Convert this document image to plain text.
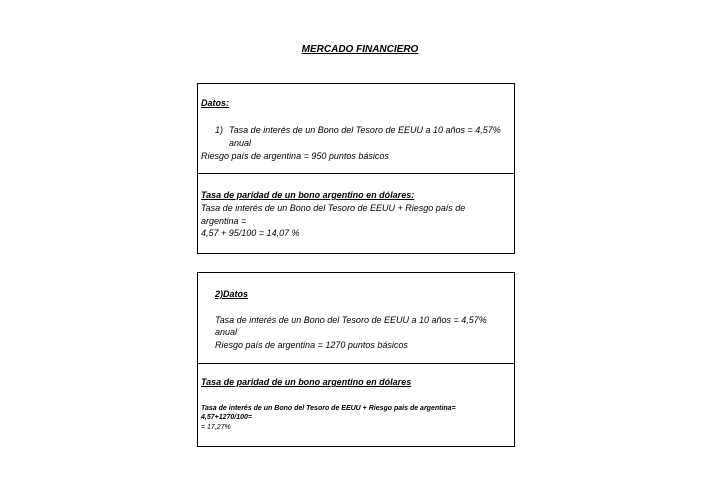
MERCADO FINANCIERO
Datos:
1) Tasa de interés de un Bono del Tesoro de EEUU a 10 años = 4,57%
anual
Riesgo país de argentina = 950 puntos básicos
Tasa de paridad de un bono argentino en dólares:
Tasa de interés de un Bono del Tesoro de EEUU + Riesgo país de
argentina =
4,57 + 95/100 = 14,07 %
2)Datos
Tasa de interés de un Bono del Tesoro de EEUU a 10 años = 4,57%
anual
Riesgo país de argentina = 1270 puntos básicos
Tasa de paridad de un bono argentino en dólares
Tasa de interés de un Bono del Tesoro de EEUU + Riesgo país de argentina=
4,57+1270/100=
= 17,27%
